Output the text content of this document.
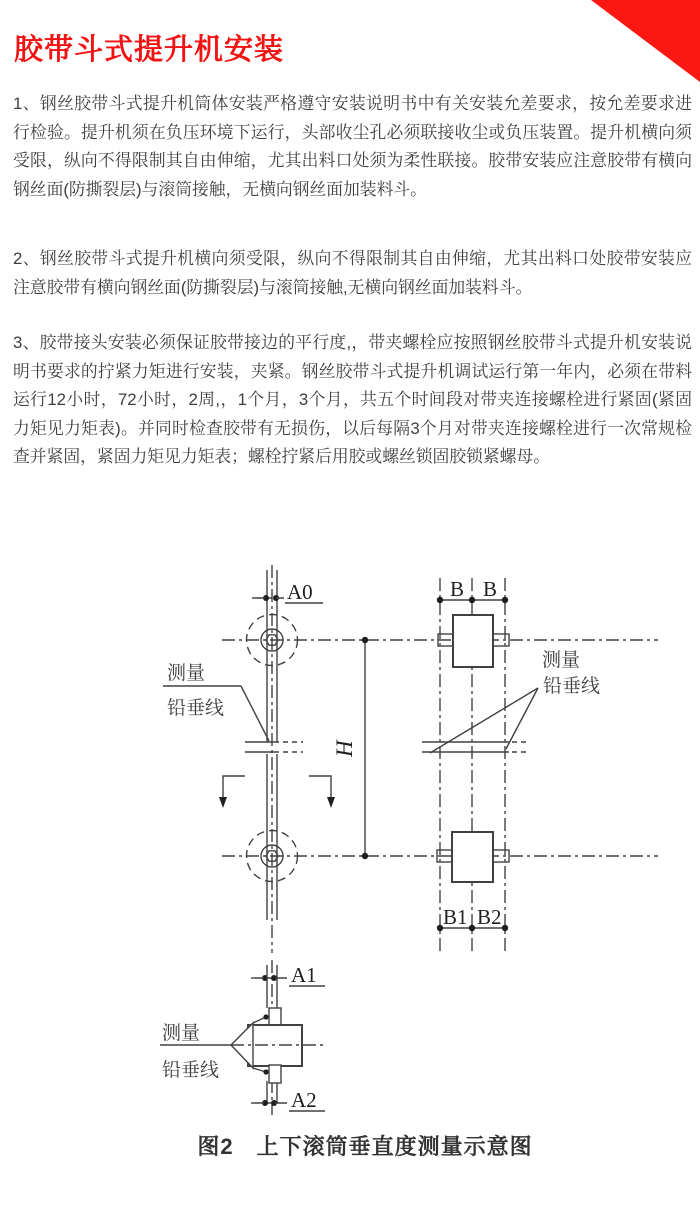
胶带斗式提升机安装

1、钢丝胶带斗式提升机筒体安装严格遵守安装说明书中有关安装允差要求，按允差要求进行检验。提升机须在负压环境下运行，头部收尘孔必须联接收尘或负压装置。提升机横向须受限，纵向不得限制其自由伸缩，尤其出料口处须为柔性联接。胶带安装应注意胶带有横向钢丝面(防撕裂层)与滚筒接触，无横向钢丝面加装料斗。

2、钢丝胶带斗式提升机横向须受限，纵向不得限制其自由伸缩，尤其出料口处胶带安装应注意胶带有横向钢丝面(防撕裂层)与滚筒接触,无横向钢丝面加装料斗。

3、胶带接头安装必须保证胶带接边的平行度,，带夹螺栓应按照钢丝胶带斗式提升机安装说明书要求的拧紧力矩进行安装，夹紧。钢丝胶带斗式提升机调试运行第一年内，必须在带料运行12小时，72小时，2周,，1个月，3个月，共五个时间段对带夹连接螺栓进行紧固(紧固力矩见力矩表)。并同时检查胶带有无损伤，以后每隔3个月对带夹连接螺栓进行一次常规检查并紧固，紧固力矩见力矩表；螺栓拧紧后用胶或螺丝锁固胶锁紧螺母。

A0
H
测量
铅垂线
B B
测量
铅垂线
B1 B2
A1
测量
铅垂线
A2
图2　上下滚筒垂直度测量示意图
